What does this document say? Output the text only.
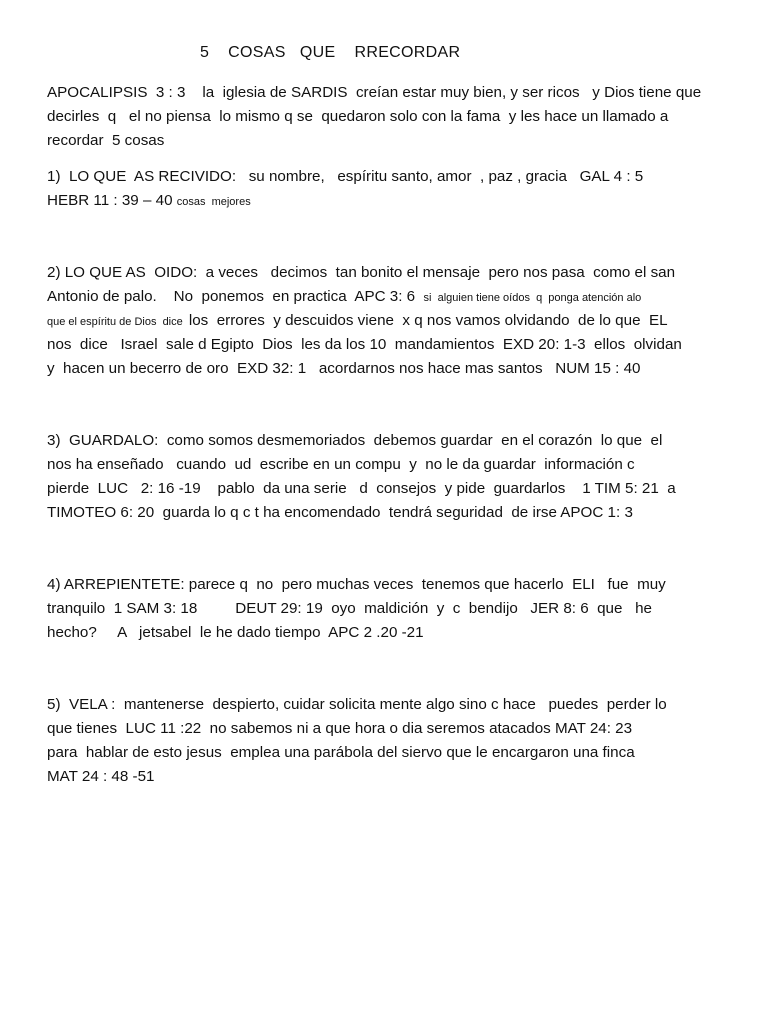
5    COSAS   QUE    RRECORDAR
APOCALIPSIS  3 : 3    la  iglesia de SARDIS  creían estar muy bien, y ser ricos   y Dios tiene que
decirles  q   el no piensa  lo mismo q se  quedaron solo con la fama  y les hace un llamado a
recordar  5 cosas
1)  LO QUE  AS RECIVIDO:   su nombre,   espíritu santo, amor  , paz , gracia   GAL 4 : 5
HEBR 11 : 39 – 40 cosas  mejores
2) LO QUE AS  OIDO:  a veces   decimos  tan bonito el mensaje  pero nos pasa  como el san
Antonio de palo.    No  ponemos  en practica  APC 3: 6  si  alguien tiene oídos  q  ponga atención alo
que el espíritu de Dios  dice  los  errores  y descuidos viene  x q nos vamos olvidando  de lo que  EL
nos  dice   Israel  sale d Egipto  Dios  les da los 10  mandamientos  EXD 20: 1-3  ellos  olvidan
y  hacen un becerro de oro  EXD 32: 1   acordarnos nos hace mas santos   NUM 15 : 40
3)  GUARDALO:  como somos desmemoriados  debemos guardar  en el corazón  lo que  el
nos ha enseñado   cuando  ud  escribe en un compu  y  no le da guardar  información c
pierde  LUC   2: 16 -19    pablo  da una serie   d  consejos  y pide  guardarlos    1 TIM 5: 21  a
TIMOTEO 6: 20  guarda lo q c t ha encomendado  tendrá seguridad  de irse APOC 1: 3
4) ARREPIENTETE: parece q  no  pero muchas veces  tenemos que hacerlo  ELI   fue  muy
tranquilo  1 SAM 3: 18         DEUT 29: 19  oyo  maldición  y  c  bendijo   JER 8: 6  que   he
hecho?     A   jetsabel  le he dado tiempo  APC 2 .20 -21
5)  VELA :  mantenerse  despierto, cuidar solicita mente algo sino c hace   puedes  perder lo
que tienes  LUC 11 :22  no sabemos ni a que hora o dia seremos atacados MAT 24: 23
para  hablar de esto jesus  emplea una parábola del siervo que le encargaron una finca
MAT 24 : 48 -51
